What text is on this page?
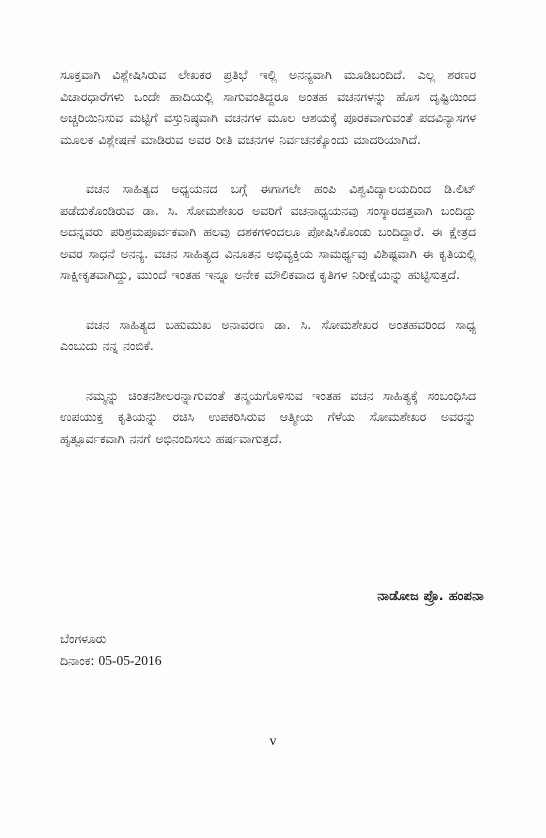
ಸೂಕ್ತವಾಗಿ ವಿಶ್ಲೇಷಿಸಿರುವ ಲೇಖಕರ ಪ್ರತಿಭೆ ಇಲ್ಲಿ ಅನನ್ಯವಾಗಿ ಮೂಡಿಬಂದಿದೆ. ಎಲ್ಲ ಶರಣರ ವಿಚಾರಧಾರೆಗಳು ಒಂದೇ ಹಾದಿಯಲ್ಲಿ ಸಾಗುವಂತಿದ್ದರೂ ಅಂತಹ ವಚನಗಳನ್ನು ಹೊಸ ದೃಷ್ಟಿಯಿಂದ ಅಚ್ಚರಿಯಿನಿಸುವ ಮಟ್ಟಿಗೆ ವಸ್ತುನಿಷ್ಠವಾಗಿ ವಚನಗಳ ಮೂಲ ಆಶಯಕ್ಕೆ ಪೂರಕವಾಗುವಂತೆ ಪದವಿನ್ಯಾಸಗಳ ಮೂಲಕ ವಿಶ್ಲೇಷಣೆ ಮಾಡಿರುವ ಅವರ ರೀತಿ ವಚನಗಳ ನಿರ್ವಚನಕ್ಕೊಂದು ಮಾದರಿಯಾಗಿದೆ.

ವಚನ ಸಾಹಿತ್ಯದ ಅಧ್ಯಯನದ ಬಗ್ಗೆ ಈಗಾಗಲೇ ಹಂಪಿ ವಿಶ್ವವಿದ್ಯಾಲಯದಿಂದ ಡಿ.ಲಿಟ್ ಪಡೆದುಕೊಂಡಿರುವ ಡಾ. ಸಿ. ಸೋಮಶೇಖರ ಅವರಿಗೆ ವಚನಾಧ್ಯಯನವು ಸಂಸ್ಕಾರದತ್ತವಾಗಿ ಬಂದಿದ್ದು ಅದನ್ನವರು ಪರಿಶ್ರಮಪೂರ್ವಕವಾಗಿ ಹಲವು ದಶಕಗಳಿಂದಲೂ ಪೋಷಿಸಿಕೊಂಡು ಬಂದಿದ್ದಾರೆ. ಈ ಕ್ಷೇತ್ರದ ಅವರ ಸಾಧನೆ ಅನನ್ಯ. ವಚನ ಸಾಹಿತ್ಯದ ವಿನೂತನ ಅಭಿವ್ಯಕ್ತಿಯ ಸಾಮರ್ಥ್ಯವು ವಿಶಿಷ್ಟವಾಗಿ ಈ ಕೃತಿಯಲ್ಲಿ ಸಾಕ್ಷೀಕೃತವಾಗಿದ್ದು, ಮುಂದೆ ಇಂತಹ ಇನ್ನೂ ಅನೇಕ ಮೌಲಿಕವಾದ ಕೃತಿಗಳ ನಿರೀಕ್ಷೆಯನ್ನು ಹುಟ್ಟಿಸುತ್ತದೆ.

ವಚನ ಸಾಹಿತ್ಯದ ಬಹುಮುಖ ಅನಾವರಣ ಡಾ. ಸಿ. ಸೋಮಶೇಖರ ಅಂತಹವರಿಂದ ಸಾಧ್ಯ ಎಂಬುದು ನನ್ನ ನಂಬಿಕೆ.

ನಮ್ಮನ್ನು ಚಿಂತನಶೀಲರನ್ನಾಗುವಂತೆ ತನ್ಮಯಗೊಳಿಸುವ ಇಂತಹ ವಚನ ಸಾಹಿತ್ಯಕ್ಕೆ ಸಂಬಂಧಿಸಿದ ಉಪಯುಕ್ತ ಕೃತಿಯನ್ನು ರಚಿಸಿ ಉಪಕರಿಸಿರುವ ಆತ್ಮೀಯ ಗೆಳೆಯ ಸೋಮಶೇಖರ ಅವರನ್ನು ಹೃತ್ಪೂರ್ವಕವಾಗಿ ನನಗೆ ಅಭಿನಂದಿಸಲು ಹರ್ಷವಾಗುತ್ತದೆ.

ನಾಡೋಜ ಪ್ರೊ. ಹಂಪನಾ
ಬೆಂಗಳೂರು
ದಿನಾಂಕ: 05-05-2016
v
